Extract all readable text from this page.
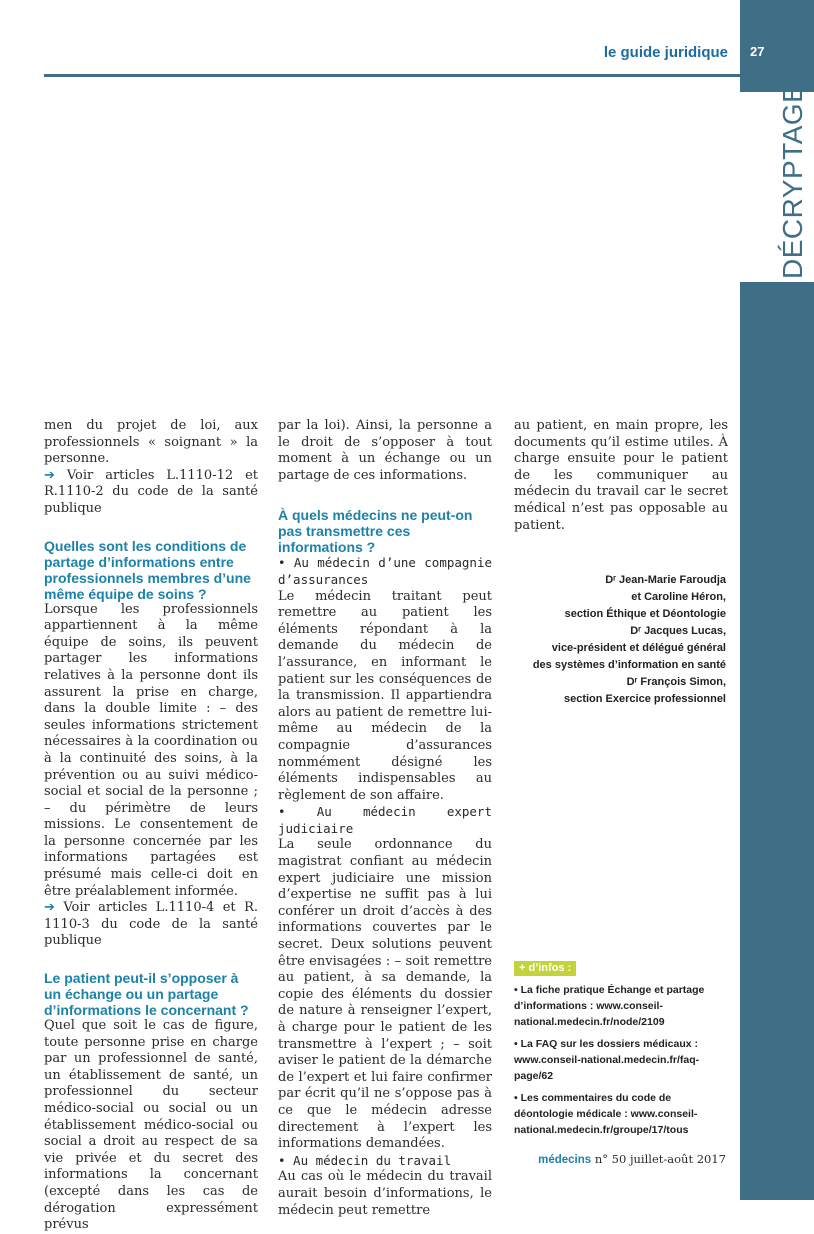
27
DÉCRYPTAGE
le guide juridique

men du projet de loi, aux professionnels « soignant » la personne.

➔ Voir articles L.1110-12 et R.1110-2 du code de la santé publique

Quelles sont les conditions de partage d’informations entre professionnels membres d’une même équipe de soins ?

Lorsque les professionnels appartiennent à la même équipe de soins, ils peuvent partager les informations relatives à la personne dont ils assurent la prise en charge, dans la double limite : – des seules informations strictement nécessaires à la coordination ou à la continuité des soins, à la prévention ou au suivi médico-social et social de la personne ; – du périmètre de leurs missions. Le consentement de la personne concernée par les informations partagées est présumé mais celle-ci doit en être préalablement informée.

➔ Voir articles L.1110-4 et R. 1110-3 du code de la santé publique

Le patient peut-il s’opposer à un échange ou un partage d’informations le concernant ?

Quel que soit le cas de figure, toute personne prise en charge par un professionnel de santé, un établissement de santé, un professionnel du secteur médico-social ou social ou un établissement médico-social ou social a droit au respect de sa vie privée et du secret des informations la concernant (excepté dans les cas de dérogation expressément prévus

par la loi). Ainsi, la personne a le droit de s’opposer à tout moment à un échange ou un partage de ces informations.

À quels médecins ne peut-on pas transmettre ces informations ?

• Au médecin d’une compagnie d’assurances

Le médecin traitant peut remettre au patient les éléments répondant à la demande du médecin de l’assurance, en informant le patient sur les conséquences de la transmission. Il appartiendra alors au patient de remettre lui-même au médecin de la compagnie d’assurances nommément désigné les éléments indispensables au règlement de son affaire.

• Au médecin expert judiciaire

La seule ordonnance du magistrat confiant au médecin expert judiciaire une mission d’expertise ne suffit pas à lui conférer un droit d’accès à des informations couvertes par le secret. Deux solutions peuvent être envisagées : – soit remettre au patient, à sa demande, la copie des éléments du dossier de nature à renseigner l’expert, à charge pour le patient de les transmettre à l’expert ; – soit aviser le patient de la démarche de l’expert et lui faire confirmer par écrit qu’il ne s’oppose pas à ce que le médecin adresse directement à l’expert les informations demandées.

• Au médecin du travail

Au cas où le médecin du travail aurait besoin d’informations, le médecin peut remettre

au patient, en main propre, les documents qu’il estime utiles. À charge ensuite pour le patient de les communiquer au médecin du travail car le secret médical n’est pas opposable au patient.

Dʳ Jean-Marie Faroudja
et Caroline Héron,
section Éthique et Déontologie
Dʳ Jacques Lucas,
vice-président et délégué général
des systèmes d’information en santé
Dʳ François Simon,
section Exercice professionnel
+ d’infos :
• La fiche pratique Échange et partage d’informations : www.conseil-national.medecin.fr/node/2109
• La FAQ sur les dossiers médicaux : www.conseil-national.medecin.fr/faq-page/62
• Les commentaires du code de déontologie médicale : www.conseil-national.medecin.fr/groupe/17/tous
médecins n° 50 juillet-août 2017
